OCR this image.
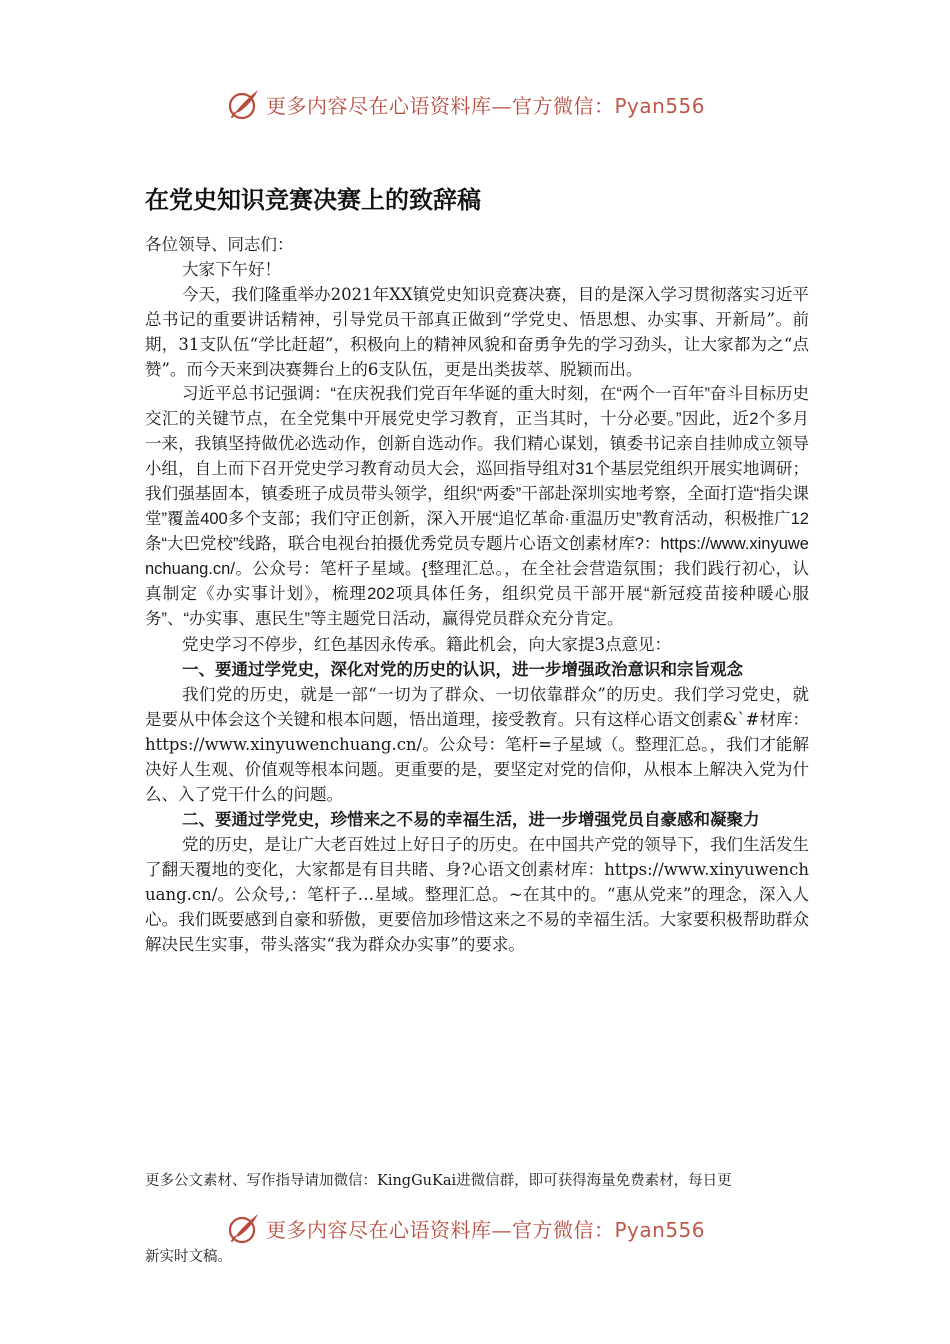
更多内容尽在心语资料库—官方微信：Pyan556
在党史知识竞赛决赛上的致辞稿

各位领导、同志们：

大家下午好！

今天，我们隆重举办2021年XX镇党史知识竞赛决赛，目的是深入学习贯彻落实习近平总书记的重要讲话精神，引导党员干部真正做到“学党史、悟思想、办实事、开新局”。前期，31支队伍“学比赶超”，积极向上的精神风貌和奋勇争先的学习劲头，让大家都为之“点赞”。而今天来到决赛舞台上的6支队伍，更是出类拔萃、脱颖而出。

习近平总书记强调：“在庆祝我们党百年华诞的重大时刻，在“两个一百年”奋斗目标历史交汇的关键节点，在全党集中开展党史学习教育，正当其时，十分必要。”因此，近2个多月一来，我镇坚持做优必选动作，创新自选动作。我们精心谋划，镇委书记亲自挂帅成立领导小组，自上而下召开党史学习教育动员大会，巡回指导组对31个基层党组织开展实地调研；我们强基固本，镇委班子成员带头领学，组织“两委”干部赴深圳实地考察，全面打造“指尖课堂”覆盖400多个支部；我们守正创新，深入开展“追忆革命·重温历史”教育活动，积极推广12条“大巴党校”线路，联合电视台拍摄优秀党员专题片心语文创素材库?：https://www.xinyuwenchuang.cn/。公众号：笔杆子星域。{整理汇总。，在全社会营造氛围；我们践行初心，认真制定《办实事计划》，梳理202项具体任务，组织党员干部开展“新冠疫苗接种暖心服务”、“办实事、惠民生”等主题党日活动，赢得党员群众充分肯定。

党史学习不停步，红色基因永传承。籍此机会，向大家提3点意见：

一、要通过学党史，深化对党的历史的认识，进一步增强政治意识和宗旨观念

我们党的历史，就是一部“一切为了群众、一切依靠群众”的历史。我们学习党史，就是要从中体会这个关键和根本问题，悟出道理，接受教育。只有这样心语文创素&`#材库：https://www.xinyuwenchuang.cn/。公众号：笔杆=子星域（。整理汇总。，我们才能解决好人生观、价值观等根本问题。更重要的是，要坚定对党的信仰，从根本上解决入党为什么、入了党干什么的问题。

二、要通过学党史，珍惜来之不易的幸福生活，进一步增强党员自豪感和凝聚力

党的历史，是让广大老百姓过上好日子的历史。在中国共产党的领导下，我们生活发生了翻天覆地的变化，大家都是有目共睹、身?心语文创素材库：https://www.xinyuwenchuang.cn/。公众号,：笔杆子…星域。整理汇总。~在其中的。“惠从党来”的理念，深入人心。我们既要感到自豪和骄傲，更要倍加珍惜这来之不易的幸福生活。大家要积极帮助群众解决民生实事，带头落实“我为群众办实事”的要求。

更多公文素材、写作指导请加微信：KingGuKai进微信群，即可获得海量免费素材，每日更
更多内容尽在心语资料库—官方微信：Pyan556
新实时文稿。
